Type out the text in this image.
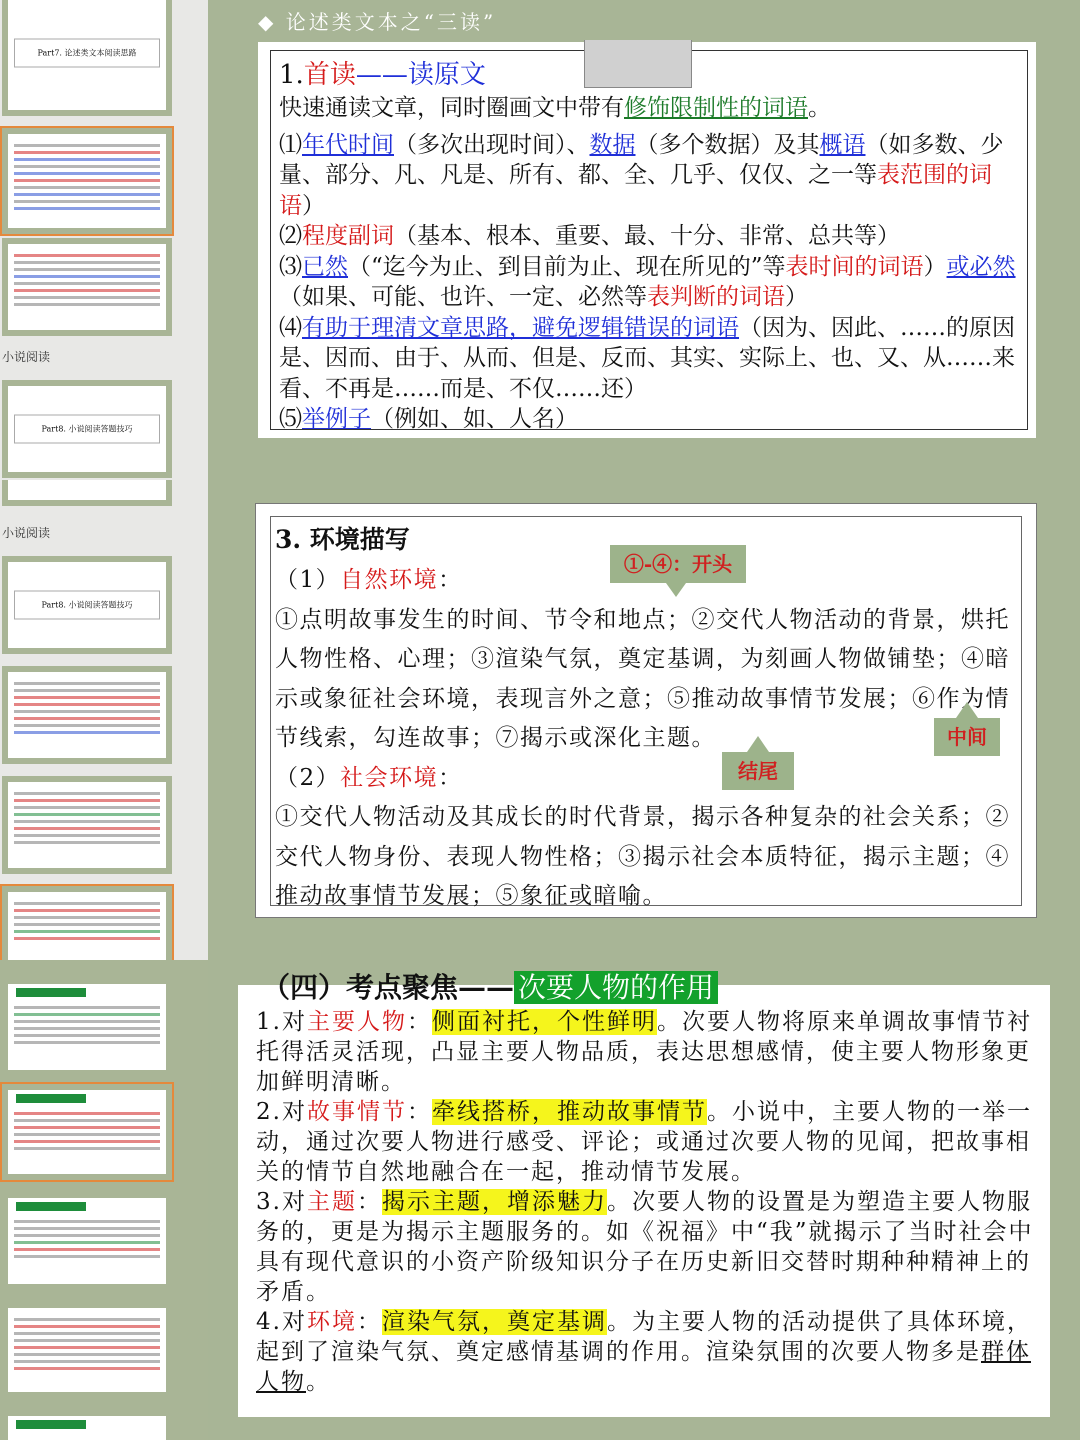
Part7. 论述类文本阅读思路
小说阅读
Part8. 小说阅读答题技巧
小说阅读
Part8. 小说阅读答题技巧
◆ 论述类文本之“三读”
1.首读——读原文
快速通读文章，同时圈画文中带有修饰限制性的词语。
⑴年代时间（多次出现时间）、数据（多个数据）及其概语（如多数、少量、部分、凡、凡是、所有、都、全、几乎、仅仅、之一等表范围的词语）
⑵程度副词（基本、根本、重要、最、十分、非常、总共等）
⑶已然（“迄今为止、到目前为止、现在所见的”等表时间的词语）或必然（如果、可能、也许、一定、必然等表判断的词语）
⑷有助于理清文章思路，避免逻辑错误的词语（因为、因此、……的原因是、因而、由于、从而、但是、反而、其实、实际上、也、又、从……来看、不再是……而是、不仅……还）
⑸举例子（例如、如、人名）
3. 环境描写
（1）自然环境：
①点明故事发生的时间、节令和地点；②交代人物活动的背景，烘托人物性格、心理；③渲染气氛，奠定基调，为刻画人物做铺垫；④暗示或象征社会环境，表现言外之意；⑤推动故事情节发展；⑥作为情节线索，勾连故事；⑦揭示或深化主题。
（2）社会环境：
①交代人物活动及其成长的时代背景，揭示各种复杂的社会关系；②交代人物身份、表现人物性格；③揭示社会本质特征，揭示主题；④推动故事情节发展；⑤象征或暗喻。
①-④：开头
中间
结尾
1.对主要人物：侧面衬托，个性鲜明。次要人物将原来单调故事情节衬托得活灵活现，凸显主要人物品质，表达思想感情，使主要人物形象更加鲜明清晰。
2.对故事情节：牵线搭桥，推动故事情节。小说中，主要人物的一举一动，通过次要人物进行感受、评论；或通过次要人物的见闻，把故事相关的情节自然地融合在一起，推动情节发展。
3.对主题：揭示主题，增添魅力。次要人物的设置是为塑造主要人物服务的，更是为揭示主题服务的。如《祝福》中“我”就揭示了当时社会中具有现代意识的小资产阶级知识分子在历史新旧交替时期种种精神上的矛盾。
4.对环境：渲染气氛，奠定基调。为主要人物的活动提供了具体环境，起到了渲染气氛、奠定感情基调的作用。渲染氛围的次要人物多是群体人物。
（四）考点聚焦—— 次要人物的作用
